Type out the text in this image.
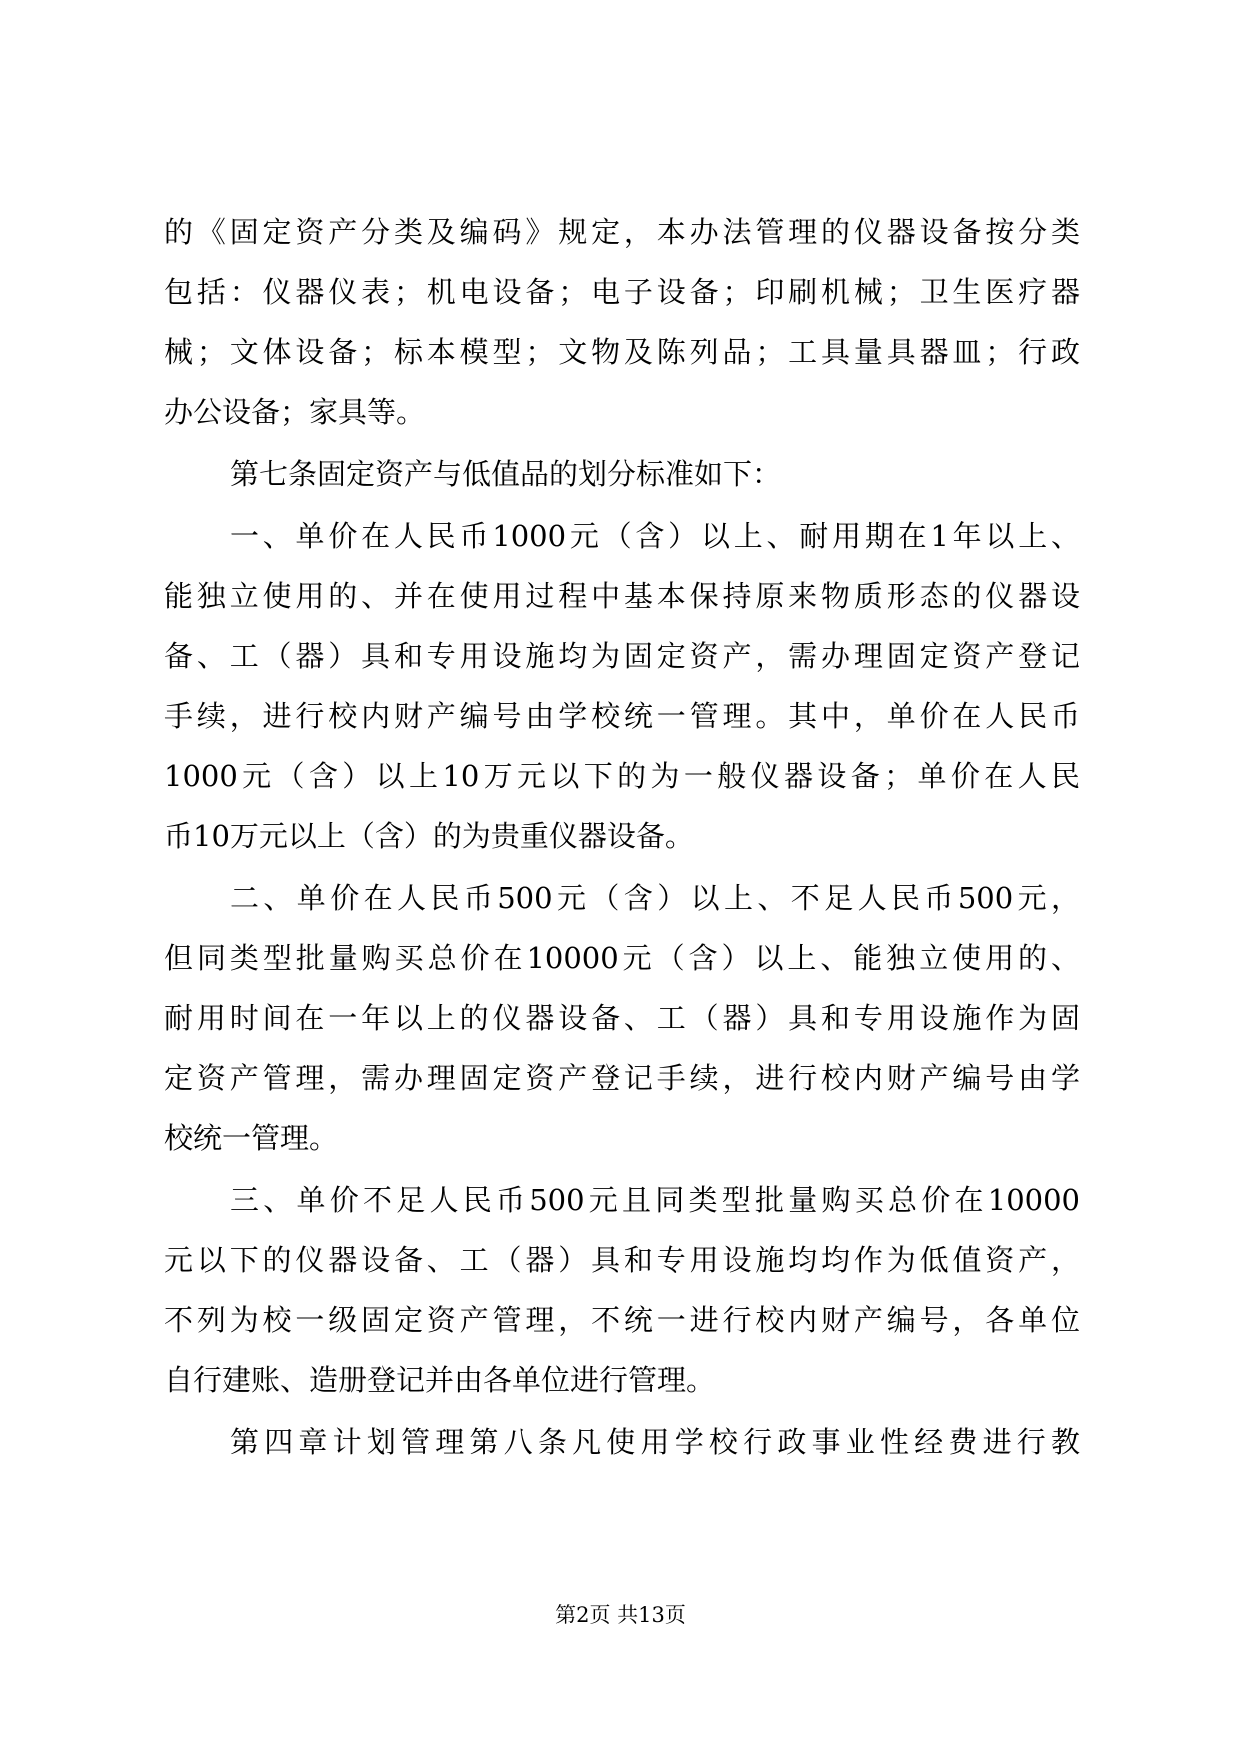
的《固定资产分类及编码》规定，本办法管理的仪器设备按分类
包括：仪器仪表；机电设备；电子设备；印刷机械；卫生医疗器
械；文体设备；标本模型；文物及陈列品；工具量具器皿；行政
办公设备；家具等。
第七条固定资产与低值品的划分标准如下：
一、单价在人民币1000元（含）以上、耐用期在1年以上、
能独立使用的、并在使用过程中基本保持原来物质形态的仪器设
备、工（器）具和专用设施均为固定资产，需办理固定资产登记
手续，进行校内财产编号由学校统一管理。其中，单价在人民币
1000元（含）以上10万元以下的为一般仪器设备；单价在人民
币10万元以上（含）的为贵重仪器设备。
二、单价在人民币500元（含）以上、不足人民币500元，
但同类型批量购买总价在10000元（含）以上、能独立使用的、
耐用时间在一年以上的仪器设备、工（器）具和专用设施作为固
定资产管理，需办理固定资产登记手续，进行校内财产编号由学
校统一管理。
三、单价不足人民币500元且同类型批量购买总价在10000
元以下的仪器设备、工（器）具和专用设施均均作为低值资产，
不列为校一级固定资产管理，不统一进行校内财产编号，各单位
自行建账、造册登记并由各单位进行管理。
第四章计划管理第八条凡使用学校行政事业性经费进行教
第2页 共13页
